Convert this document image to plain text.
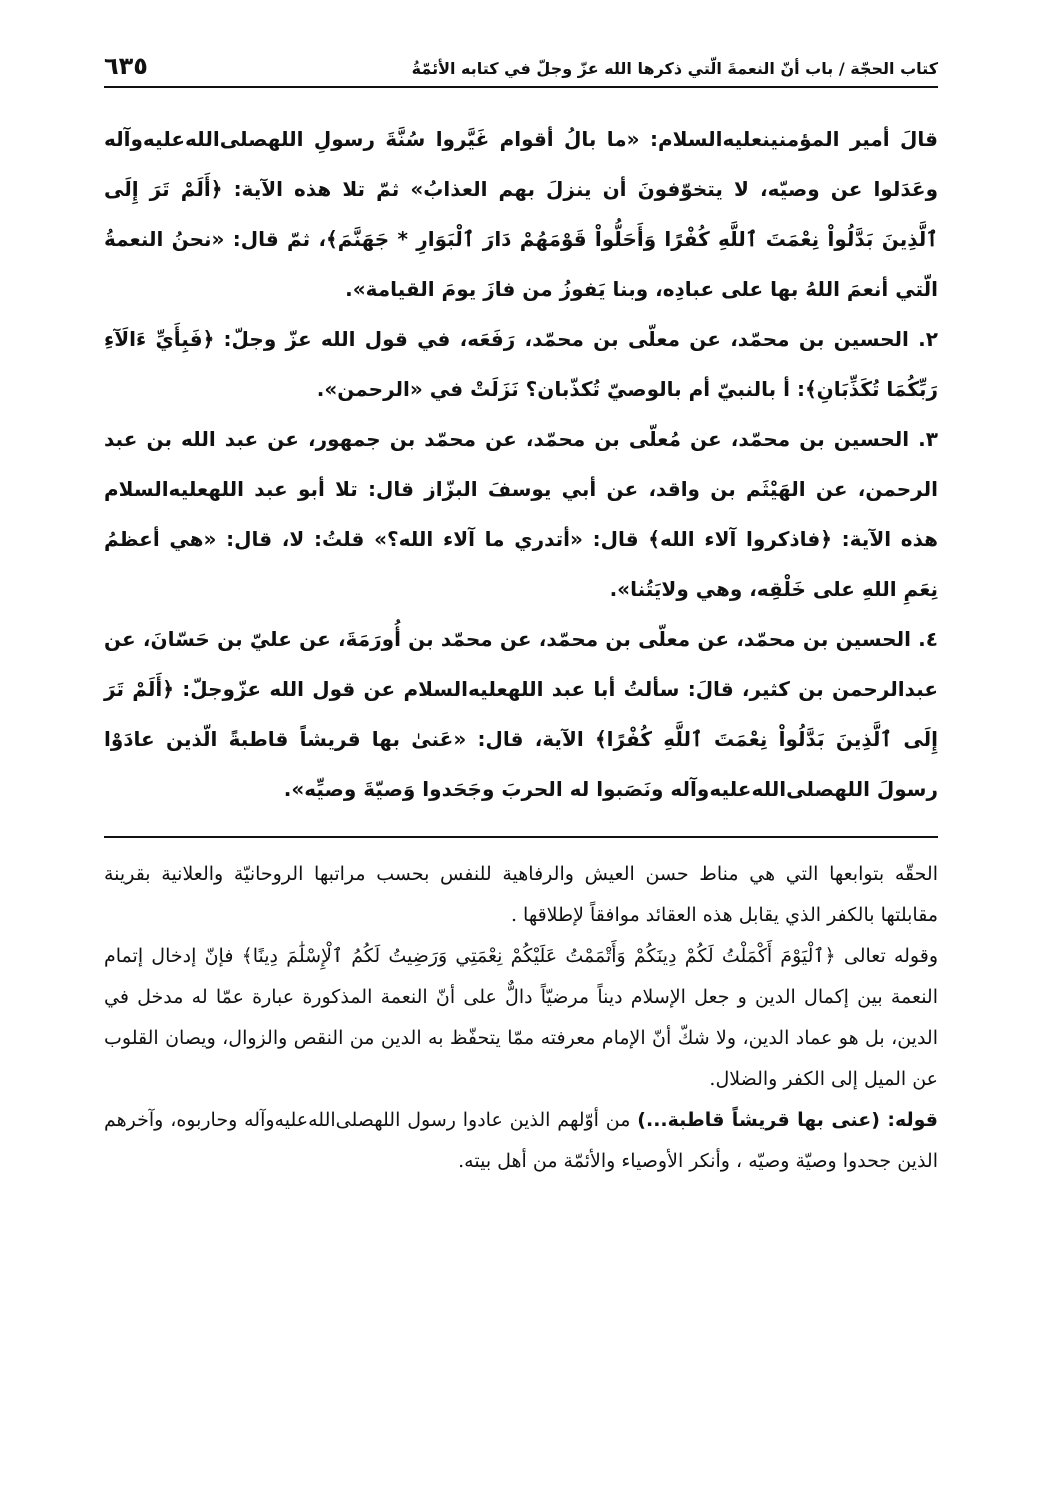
كتاب الحجّة / باب أنّ النعمةَ الّتي ذكرها الله عزّ وجلّ في كتابه الأئمّةُ
٦٣٥

قالَ أمير المؤمنينعليه‌السلام: «ما بالُ أقوام غَيَّروا سُنَّةَ رسولِ اللهصلى‌الله‌عليه‌وآله وعَدَلوا عن وصيّه، لا يتخوّفونَ أن ينزلَ بهم العذابُ» ثمّ تلا هذه الآية: ﴿أَلَمْ تَرَ إِلَى ٱلَّذِينَ بَدَّلُواْ نِعْمَتَ ٱللَّهِ كُفْرًا وَأَحَلُّواْ قَوْمَهُمْ دَارَ ٱلْبَوَارِ * جَهَنَّمَ﴾، ثمّ قال: «نحنُ النعمةُ الّتي أنعمَ اللهُ بها على عبادِه، وبنا يَفوزُ من فازَ يومَ القيامة».

٢. الحسين بن محمّد، عن معلّى بن محمّد، رَفَعَه، في قول الله عزّ وجلّ: ﴿فَبِأَيِّ ءَالَآءِ رَبِّكُمَا تُكَذِّبَانِ﴾: أ بالنبيّ أم بالوصيّ تُكذّبان؟ نَزَلَتْ في «الرحمن».

٣. الحسين بن محمّد، عن مُعلّى بن محمّد، عن محمّد بن جمهور، عن عبد الله بن عبد الرحمن، عن الهَيْثَم بن واقد، عن أبي يوسفَ البزّاز قال: تلا أبو عبد اللهعليه‌السلام هذه الآية: ﴿فاذكروا آلاء الله﴾ قال: «أتدري ما آلاء الله؟» قلتُ: لا، قال: «هي أعظمُ نِعَمِ اللهِ على خَلْقِه، وهي ولايَتُنا».

٤. الحسين بن محمّد، عن معلّى بن محمّد، عن محمّد بن أُورَمَةَ، عن عليّ بن حَسّانَ، عن عبدالرحمن بن كثير، قالَ: سألتُ أبا عبد اللهعليه‌السلام عن قول الله عزّوجلّ: ﴿أَلَمْ تَرَ إِلَى ٱلَّذِينَ بَدَّلُواْ نِعْمَتَ ٱللَّهِ كُفْرًا﴾ الآية، قال: «عَنىٰ بها قريشاً قاطبةً الّذين عادَوْا رسولَ اللهصلى‌الله‌عليه‌وآله ونَصَبوا له الحربَ وجَحَدوا وَصيّةَ وصيِّه».

الحقّه بتوابعها التي هي مناط حسن العيش والرفاهية للنفس بحسب مراتبها الروحانيّة والعلانية بقرينة مقابلتها بالكفر الذي يقابل هذه العقائد موافقاً لإطلاقها .

وقوله تعالى ﴿ٱلْيَوْمَ أَكْمَلْتُ لَكُمْ دِينَكُمْ وَأَتْمَمْتُ عَلَيْكُمْ نِعْمَتِي وَرَضِيتُ لَكُمُ ٱلْإِسْلَٰمَ دِينًا﴾ فإنّ إدخال إتمام النعمة بين إكمال الدين و جعل الإسلام ديناً مرضيّاً دالٌّ على أنّ النعمة المذكورة عبارة عمّا له مدخل في الدين، بل هو عماد الدين، ولا شكّ أنّ الإمام معرفته ممّا يتحفّظ به الدين من النقص والزوال، ويصان القلوب عن الميل إلى الكفر والضلال.

قوله: (عنى بها قريشاً قاطبة...) من أوّلهم الذين عادوا رسول اللهصلى‌الله‌عليه‌وآله وحاربوه، وآخرهم الذين جحدوا وصيّة وصيّه ، وأنكر الأوصياء والأئمّة من أهل بيته.
